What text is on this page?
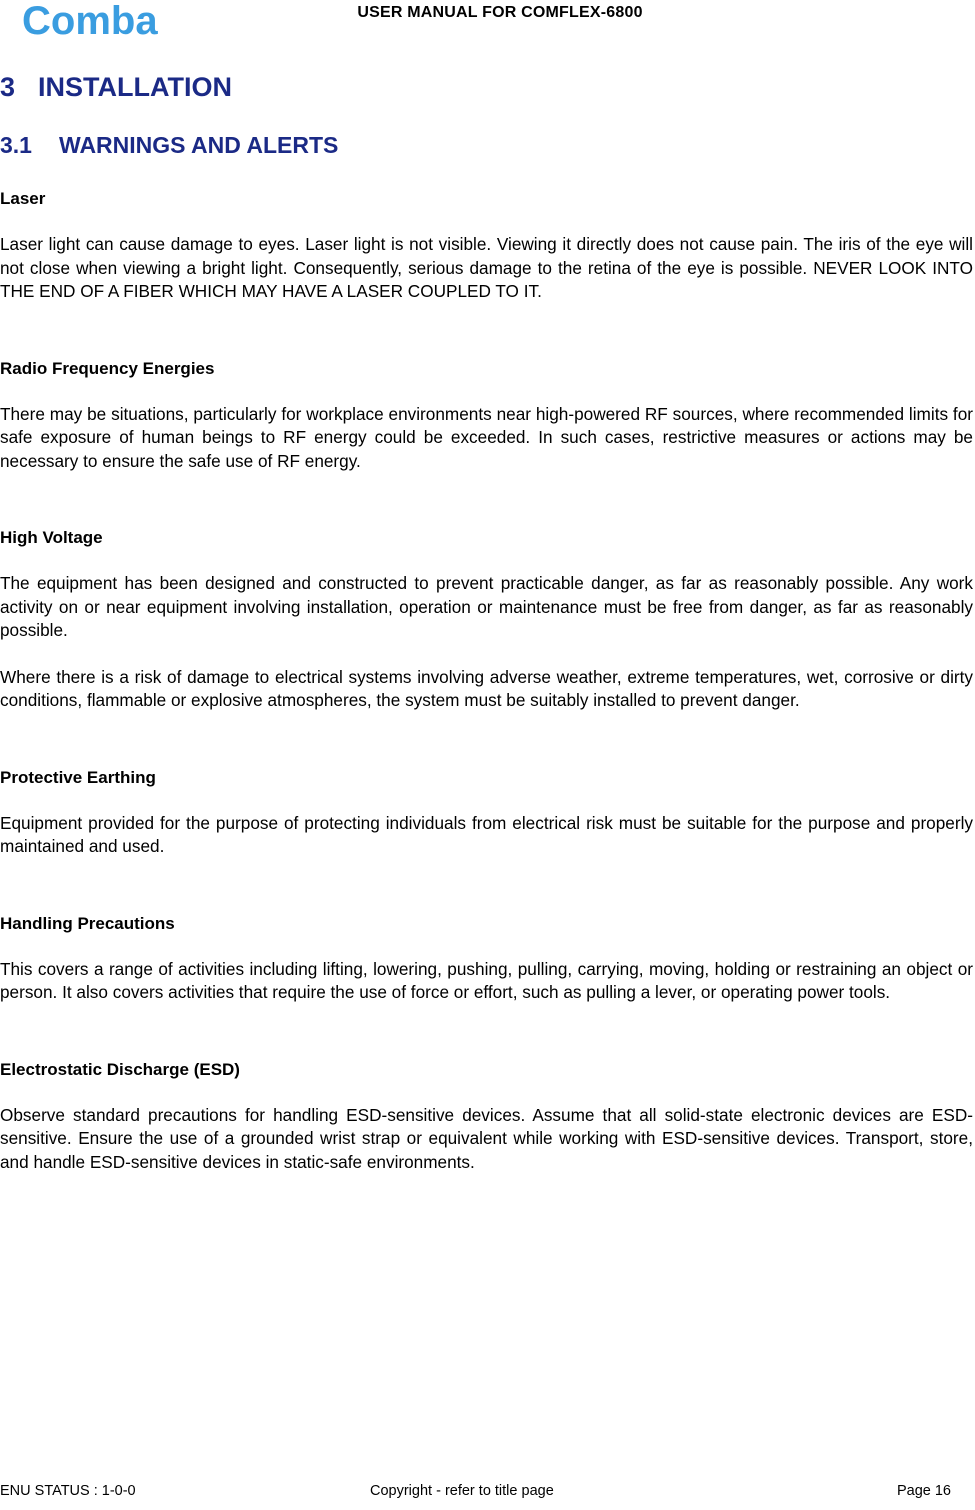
Comba	USER MANUAL FOR COMFLEX-6800
3 INSTALLATION
3.1	WARNINGS AND ALERTS

Laser

Laser light can cause damage to eyes. Laser light is not visible. Viewing it directly does not cause pain. The iris of the eye will not close when viewing a bright light. Consequently, serious damage to the retina of the eye is possible. NEVER LOOK INTO THE END OF A FIBER WHICH MAY HAVE A LASER COUPLED TO IT.

Radio Frequency Energies

There may be situations, particularly for workplace environments near high-powered RF sources, where recommended limits for safe exposure of human beings to RF energy could be exceeded. In such cases, restrictive measures or actions may be necessary to ensure the safe use of RF energy.

High Voltage

The equipment has been designed and constructed to prevent practicable danger, as far as reasonably possible. Any work activity on or near equipment involving installation, operation or maintenance must be free from danger, as far as reasonably possible.

Where there is a risk of damage to electrical systems involving adverse weather, extreme temperatures, wet, corrosive or dirty conditions, flammable or explosive atmospheres, the system must be suitably installed to prevent danger.

Protective Earthing

Equipment provided for the purpose of protecting individuals from electrical risk must be suitable for the purpose and properly maintained and used.

Handling Precautions

This covers a range of activities including lifting, lowering, pushing, pulling, carrying, moving, holding or restraining an object or person. It also covers activities that require the use of force or effort, such as pulling a lever, or operating power tools.

Electrostatic Discharge (ESD)

Observe standard precautions for handling ESD-sensitive devices. Assume that all solid-state electronic devices are ESD-sensitive. Ensure the use of a grounded wrist strap or equivalent while working with ESD-sensitive devices. Transport, store, and handle ESD-sensitive devices in static-safe environments.

ENU STATUS : 1-0-0	Copyright - refer to title page	Page 16
